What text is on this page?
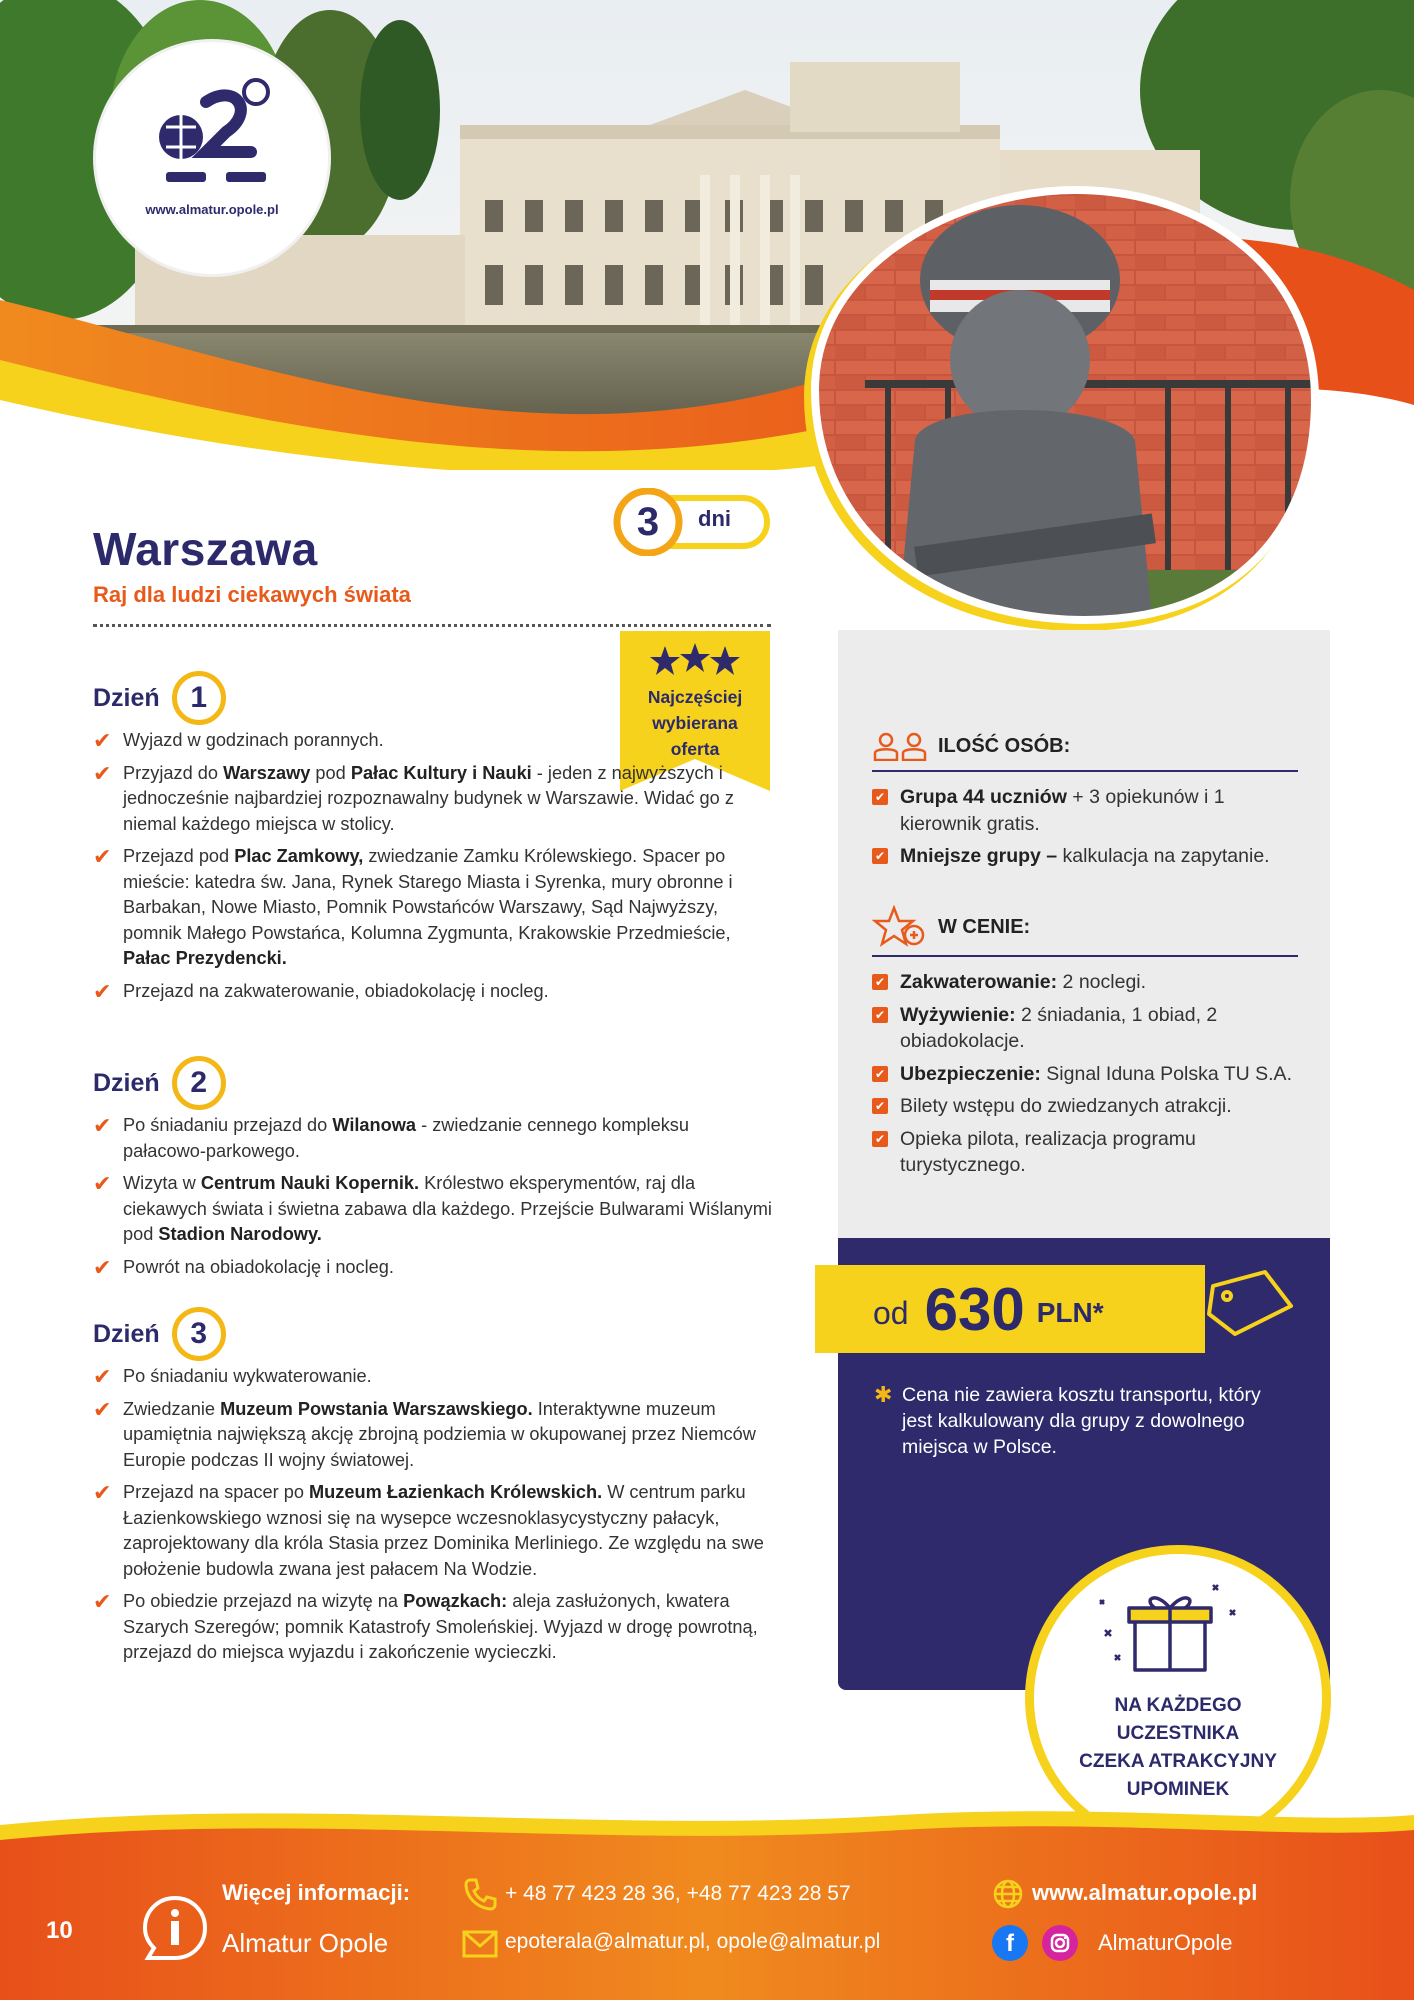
www.almatur.opole.pl
3	dni
Warszawa
Raj dla ludzi ciekawych świata
Najczęściej
wybierana
oferta
Dzień	1
✔ Wyjazd w godzinach porannych.
✔ Przyjazd do Warszawy pod Pałac Kultury i Nauki - jeden z najwyższych i jednocześnie najbardziej rozpoznawalny budynek w Warszawie. Widać go z niemal każdego miejsca w stolicy.
✔ Przejazd pod Plac Zamkowy, zwiedzanie Zamku Królewskiego. Spacer po mieście: katedra św. Jana, Rynek Starego Miasta i Syrenka, mury obronne i Barbakan, Nowe Miasto, Pomnik Powstańców Warszawy, Sąd Najwyższy, pomnik Małego Powstańca, Kolumna Zygmunta, Krakowskie Przedmieście, Pałac Prezydencki.
✔ Przejazd na zakwaterowanie, obiadokolację i nocleg.
Dzień	2
✔ Po śniadaniu przejazd do Wilanowa - zwiedzanie cennego kompleksu pałacowo-parkowego.
✔ Wizyta w Centrum Nauki Kopernik. Królestwo eksperymentów, raj dla ciekawych świata i świetna zabawa dla każdego. Przejście Bulwarami Wiślanymi pod Stadion Narodowy.
✔ Powrót na obiadokolację i nocleg.
Dzień	3
✔ Po śniadaniu wykwaterowanie.
✔ Zwiedzanie Muzeum Powstania Warszawskiego. Interaktywne muzeum upamiętnia największą akcję zbrojną podziemia w okupowanej przez Niemców Europie podczas II wojny światowej.
✔ Przejazd na spacer po Muzeum Łazienkach Królewskich. W centrum parku Łazienkowskiego wznosi się na wysepce wczesnoklasycystyczny pałacyk, zaprojektowany dla króla Stasia przez Dominika Merliniego. Ze względu na swe położenie budowla zwana jest pałacem Na Wodzie.
✔ Po obiedzie przejazd na wizytę na Powązkach: aleja zasłużonych, kwatera Szarych Szeregów; pomnik Katastrofy Smoleńskiej. Wyjazd w drogę powrotną, przejazd do miejsca wyjazdu i zakończenie wycieczki.
ILOŚĆ OSÓB:
✔ Grupa 44 uczniów + 3 opiekunów i 1 kierownik gratis.
✔ Mniejsze grupy – kalkulacja na zapytanie.
W CENIE:
✔ Zakwaterowanie: 2 noclegi.
✔ Wyżywienie: 2 śniadania, 1 obiad, 2 obiadokolacje.
✔ Ubezpieczenie: Signal Iduna Polska TU S.A.
✔ Bilety wstępu do zwiedzanych atrakcji.
✔ Opieka pilota, realizacja programu turystycznego.
od 630 PLN*
✱ Cena nie zawiera kosztu transportu, który jest kalkulowany dla grupy z dowolnego miejsca w Polsce.
NA KAŻDEGO
UCZESTNIKA
CZEKA ATRAKCYJNY
UPOMINEK
10
Więcej informacji:
Almatur Opole
+ 48 77 423 28 36, +48 77 423 28 57
epoterala@almatur.pl, opole@almatur.pl
www.almatur.opole.pl
f	AlmaturOpole
